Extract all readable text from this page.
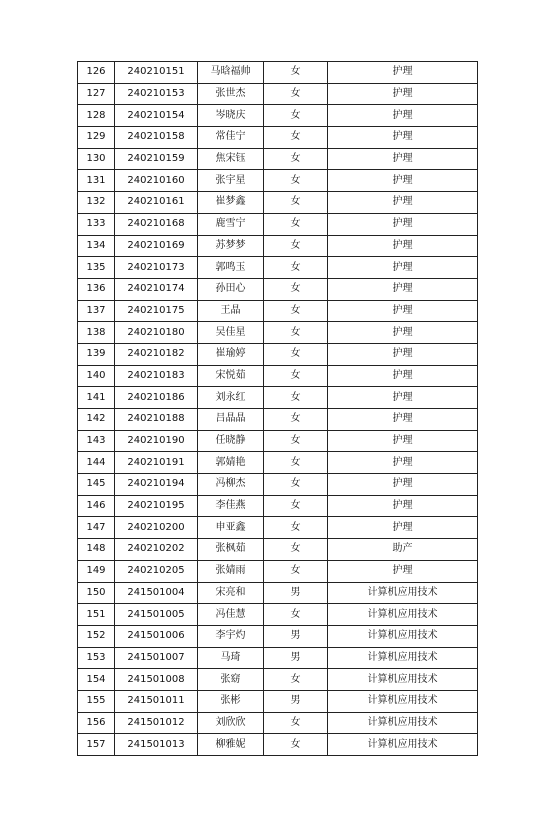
126	240210151	马晗福帅	女	护理
127	240210153	张世杰	女	护理
128	240210154	岑晓庆	女	护理
129	240210158	常佳宁	女	护理
130	240210159	焦宋钰	女	护理
131	240210160	张宇星	女	护理
132	240210161	崔梦鑫	女	护理
133	240210168	鹿雪宁	女	护理
134	240210169	苏梦梦	女	护理
135	240210173	郭鸣玉	女	护理
136	240210174	孙田心	女	护理
137	240210175	王晶	女	护理
138	240210180	吴佳星	女	护理
139	240210182	崔瑜婷	女	护理
140	240210183	宋悦茹	女	护理
141	240210186	刘永红	女	护理
142	240210188	吕晶晶	女	护理
143	240210190	任晓静	女	护理
144	240210191	郭婧艳	女	护理
145	240210194	冯柳杰	女	护理
146	240210195	李佳燕	女	护理
147	240210200	申亚鑫	女	护理
148	240210202	张枫茹	女	助产
149	240210205	张婧雨	女	护理
150	241501004	宋亮和	男	计算机应用技术
151	241501005	冯佳慧	女	计算机应用技术
152	241501006	李宇灼	男	计算机应用技术
153	241501007	马琦	男	计算机应用技术
154	241501008	张窈	女	计算机应用技术
155	241501011	张彬	男	计算机应用技术
156	241501012	刘欣欣	女	计算机应用技术
157	241501013	柳雅妮	女	计算机应用技术
